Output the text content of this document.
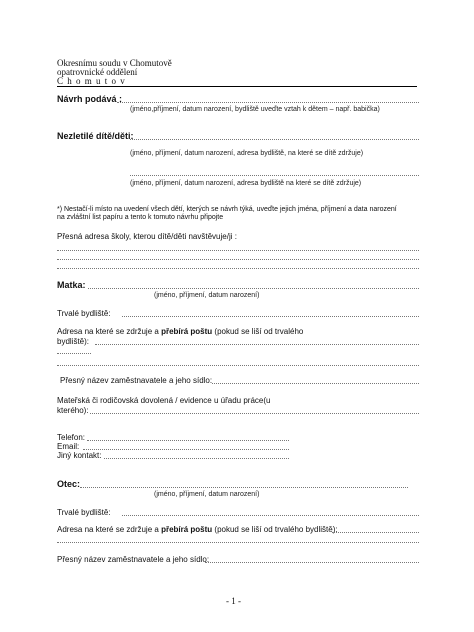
Okresnímu soudu v Chomutově
opatrovnické oddělení
C h o m u t o v
Návrh podává :
(jméno,příjmení, datum narození, bydliště uveďte vztah k dětem – např. babička)
Nezletilé dítě/děti:
(jméno, příjmení, datum narození, adresa bydliště, na které se dítě zdržuje)
(jméno, příjmení, datum narození, adresa bydliště na které se dítě zdržuje)
*) Nestačí-li místo na uvedení všech dětí, kterých se návrh týká, uveďte jejich jména, příjmení a data narození
na zvláštní list papíru a tento k tomuto návrhu připojte
Přesná adresa školy, kterou dítě/děti navštěvuje/ji :
Matka:
(jméno, příjmení, datum narození)
Trvalé bydliště:
Adresa na které se zdržuje a přebírá poštu (pokud se liší od trvalého
bydliště):
Přesný název zaměstnavatele a jeho sídlo:
Mateřská či rodičovská dovolená / evidence u úřadu práce(u
kterého):
Telefon:
Email:
Jiný kontakt:
Otec:
(jméno, příjmení, datum narození)
Trvalé bydliště:
Adresa na které se zdržuje a přebírá poštu (pokud se liší od trvalého bydliště):
Přesný název zaměstnavatele a jeho sídlo:
- 1 -
